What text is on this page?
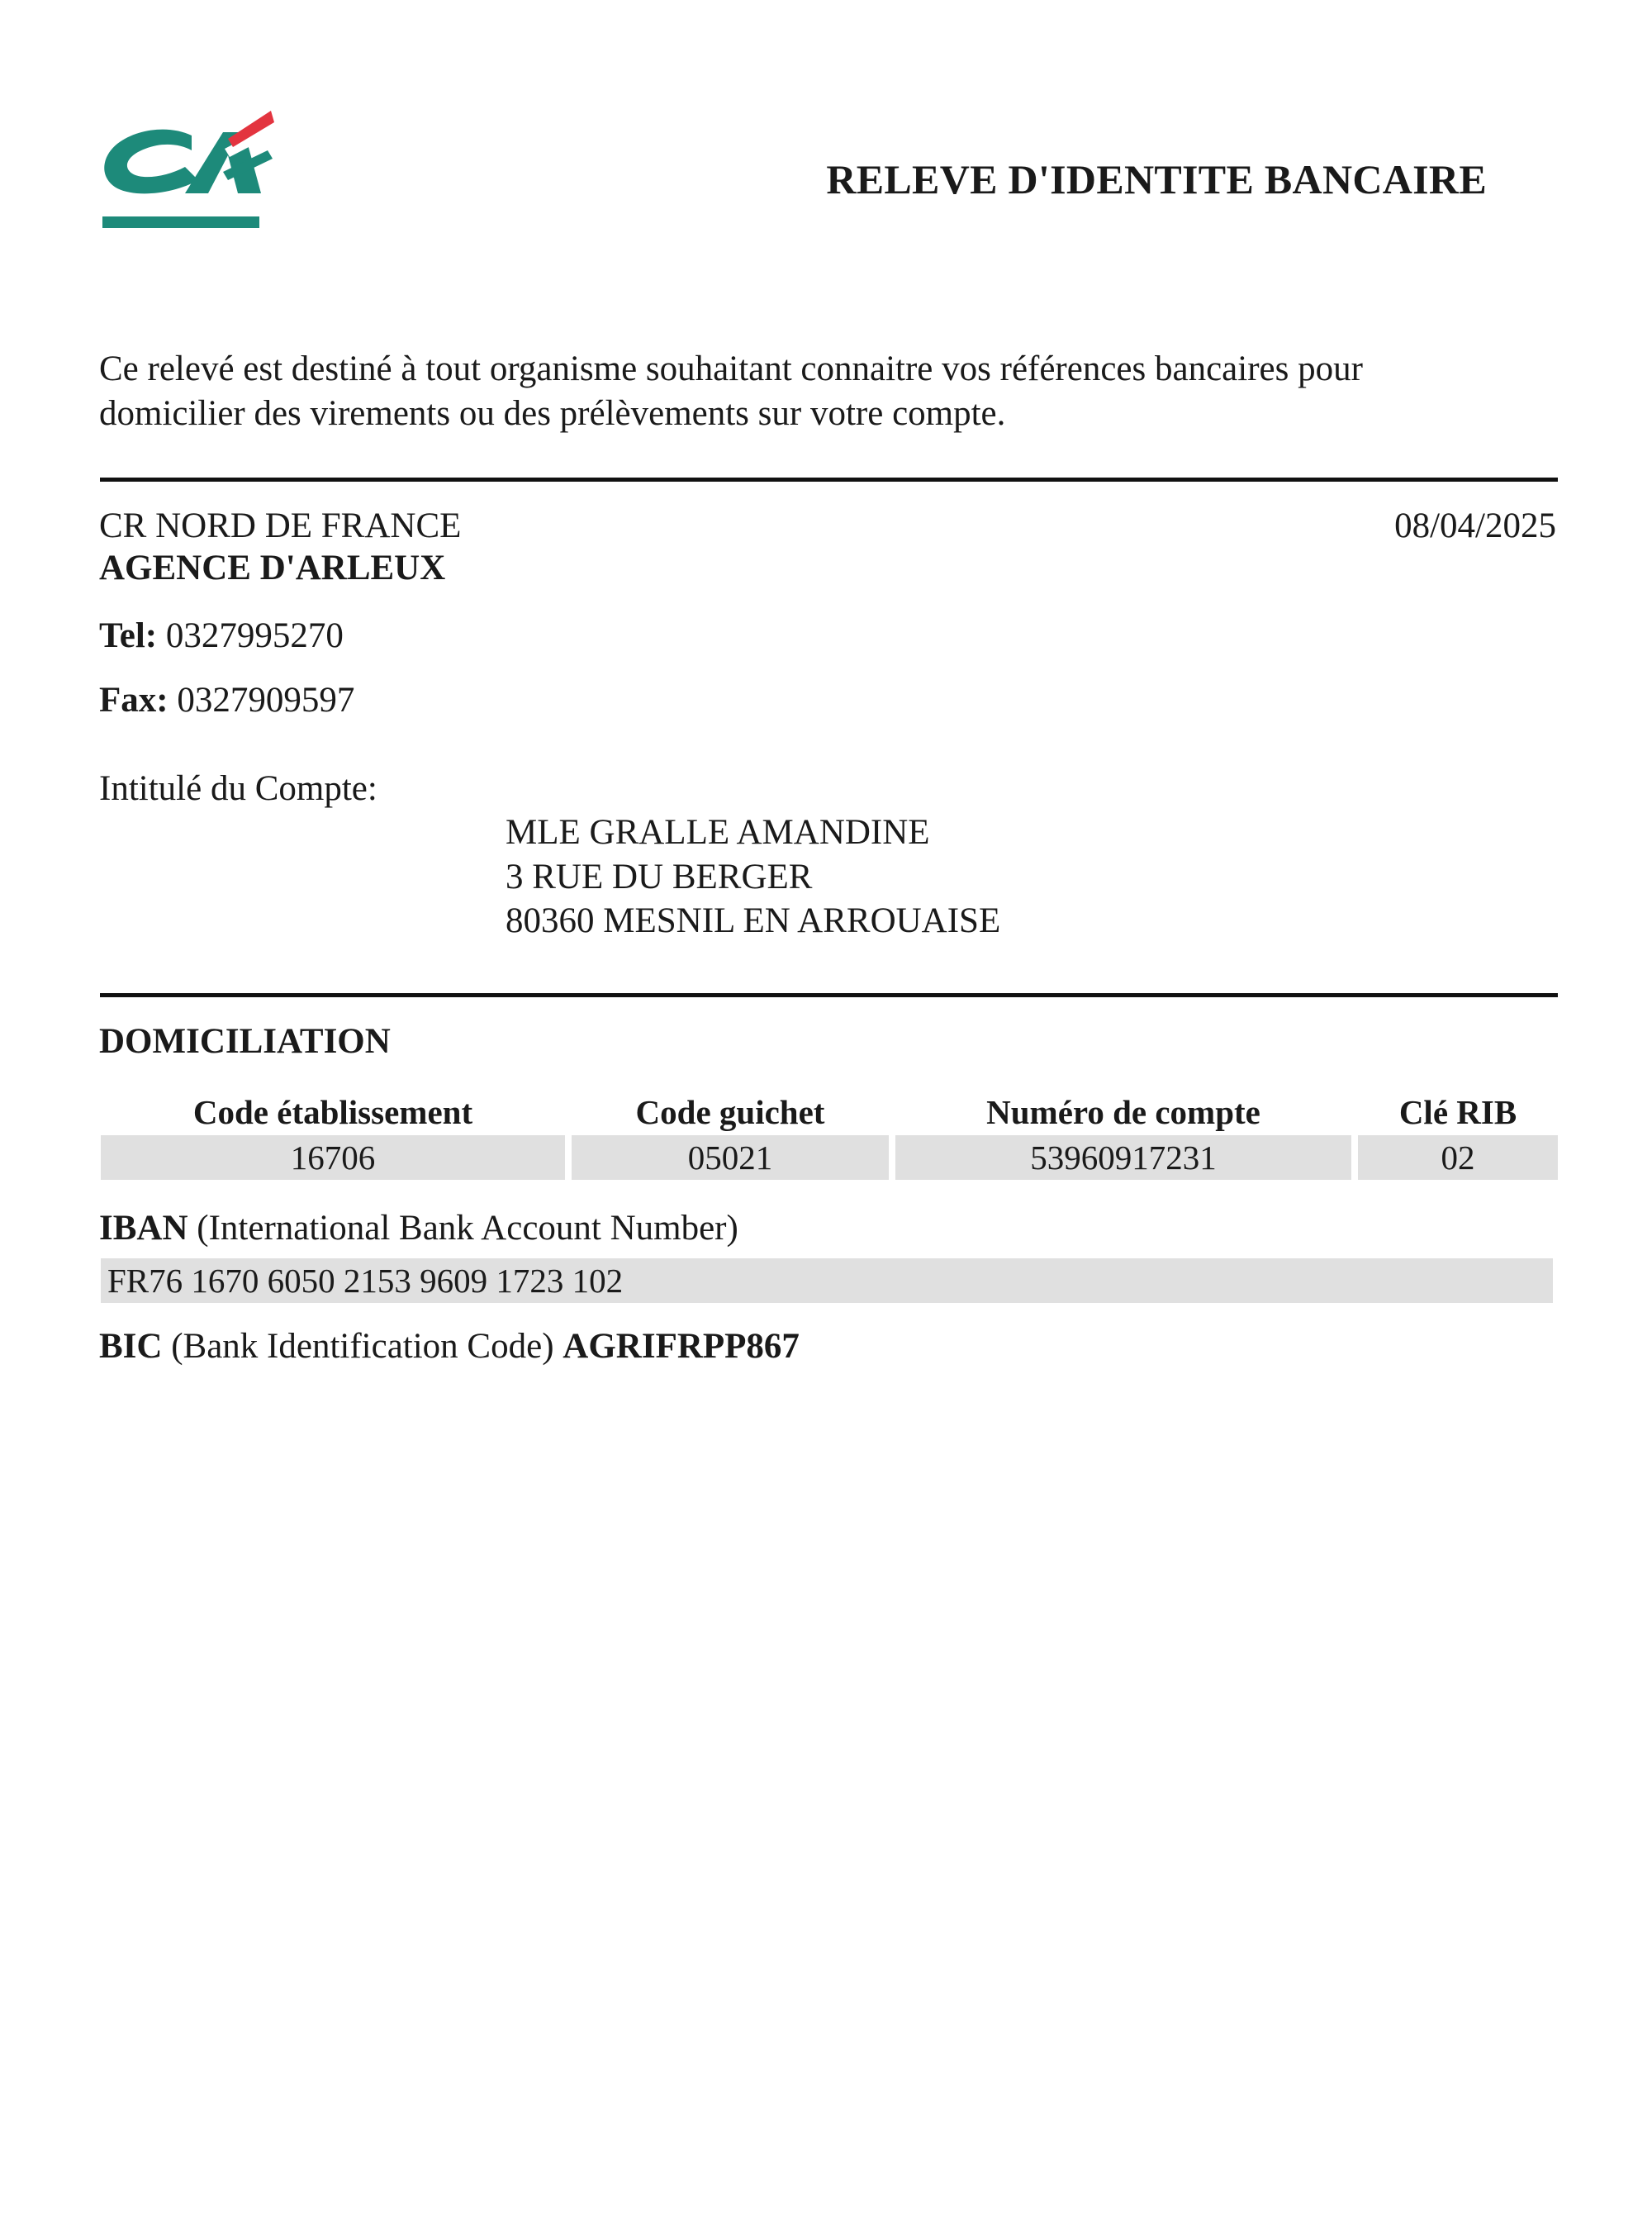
RELEVE D'IDENTITE BANCAIRE
Ce relevé est destiné à tout organisme souhaitant connaitre vos références bancaires pour
domicilier des virements ou des prélèvements sur votre compte.
CR NORD DE FRANCE
AGENCE D'ARLEUX
08/04/2025
Tel: 0327995270
Fax: 0327909597
Intitulé du Compte:
MLE GRALLE AMANDINE
3 RUE DU BERGER
80360 MESNIL EN ARROUAISE
DOMICILIATION
Code établissement	Code guichet	Numéro de compte	Clé RIB
16706	05021	53960917231	02
IBAN (International Bank Account Number)
FR76 1670 6050 2153 9609 1723 102
BIC (Bank Identification Code) AGRIFRPP867
